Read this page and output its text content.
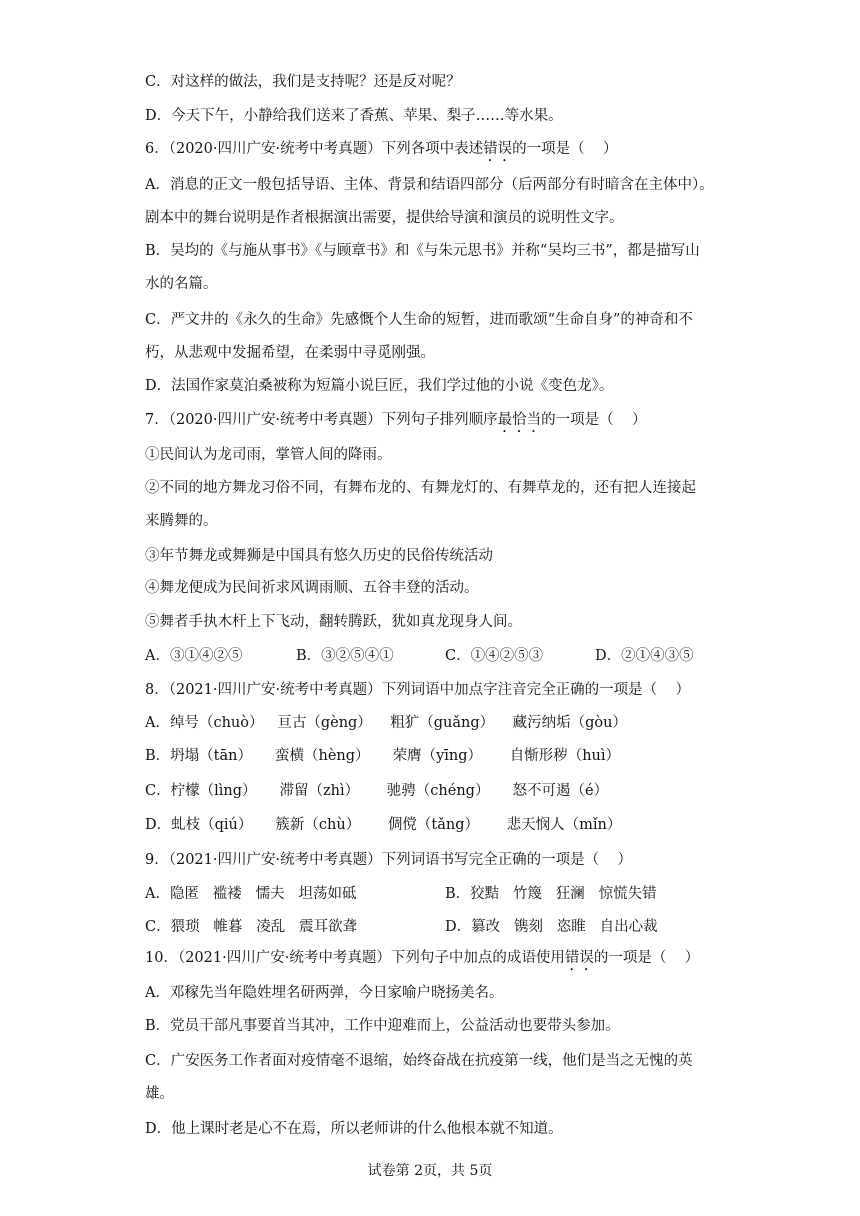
C．对这样的做法，我们是支持呢？还是反对呢？
D．今天下午，小静给我们送来了香蕉、苹果、梨子……等水果。
6．（2020·四川广安·统考中考真题）下列各项中表述错误的一项是（    ）
A．消息的正文一般包括导语、主体、背景和结语四部分（后两部分有时暗含在主体中）。
剧本中的舞台说明是作者根据演出需要，提供给导演和演员的说明性文字。
B．吴均的《与施从事书》《与顾章书》和《与朱元思书》并称“吴均三书”，都是描写山
水的名篇。
C．严文井的《永久的生命》先感慨个人生命的短暂，进而歌颂“生命自身”的神奇和不
朽，从悲观中发掘希望，在柔弱中寻觅刚强。
D．法国作家莫泊桑被称为短篇小说巨匠，我们学过他的小说《变色龙》。
7．（2020·四川广安·统考中考真题）下列句子排列顺序最恰当的一项是（    ）
①民间认为龙司雨，掌管人间的降雨。
②不同的地方舞龙习俗不同，有舞布龙的、有舞龙灯的、有舞草龙的，还有把人连接起
来腾舞的。
③年节舞龙或舞狮是中国具有悠久历史的民俗传统活动
④舞龙便成为民间祈求风调雨顺、五谷丰登的活动。
⑤舞者手执木杆上下飞动，翻转腾跃，犹如真龙现身人间。
A．③①④②⑤	B．③②⑤④①	C．①④②⑤③	D．②①④③⑤
8．（2021·四川广安·统考中考真题）下列词语中加点字注音完全正确的一项是（    ）
A．绰号（chuò）   亘古（gèng）    粗犷（guǎng）    藏污纳垢（gòu）
B．坍塌（tān）     蛮横（hèng）     荣膺（yīng）      自惭形秽（huì）
C．柠檬（lìng）     滞留（zhì）      驰骋（chéng）     怒不可遏（é）
D．虬枝（qiú）     簇新（chù）      倜傥（tǎng）      悲天悯人（mǐn）
9．（2021·四川广安·统考中考真题）下列词语书写完全正确的一项是（    ）
A．隐匿   褴褛   懦夫   坦荡如砥	B．狡黠   竹篾   狂澜   惊慌失错
C．猥琐   帷暮   凌乱   震耳欲聋	D．篡改   镌刻   恣睢   自出心裁
10．（2021·四川广安·统考中考真题）下列句子中加点的成语使用错误的一项是（    ）
A．邓稼先当年隐姓埋名研两弹，今日家喻户晓扬美名。
B．党员干部凡事要首当其冲，工作中迎难而上，公益活动也要带头参加。
C．广安医务工作者面对疫情毫不退缩，始终奋战在抗疫第一线，他们是当之无愧的英
雄。
D．他上课时老是心不在焉，所以老师讲的什么他根本就不知道。
试卷第 2页，共 5页
